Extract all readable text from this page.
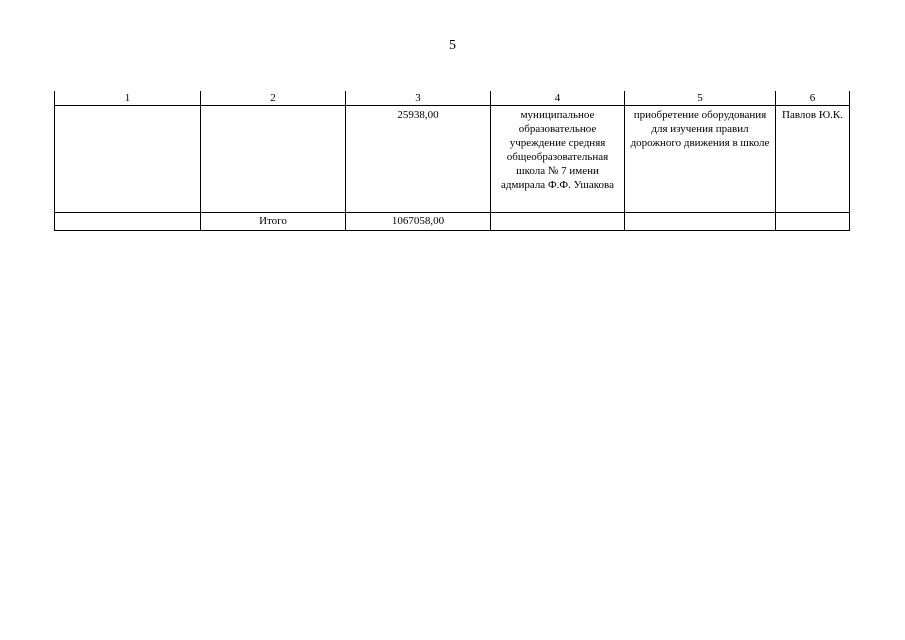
5
1	2	3	4	5	6
		25938,00	муниципальное образовательное учреждение средняя общеобразовательная школа № 7 имени адмирала Ф.Ф. Ушакова	приобретение оборудования для изучения правил дорожного движения в школе	Павлов Ю.К.
	Итого	1067058,00			
